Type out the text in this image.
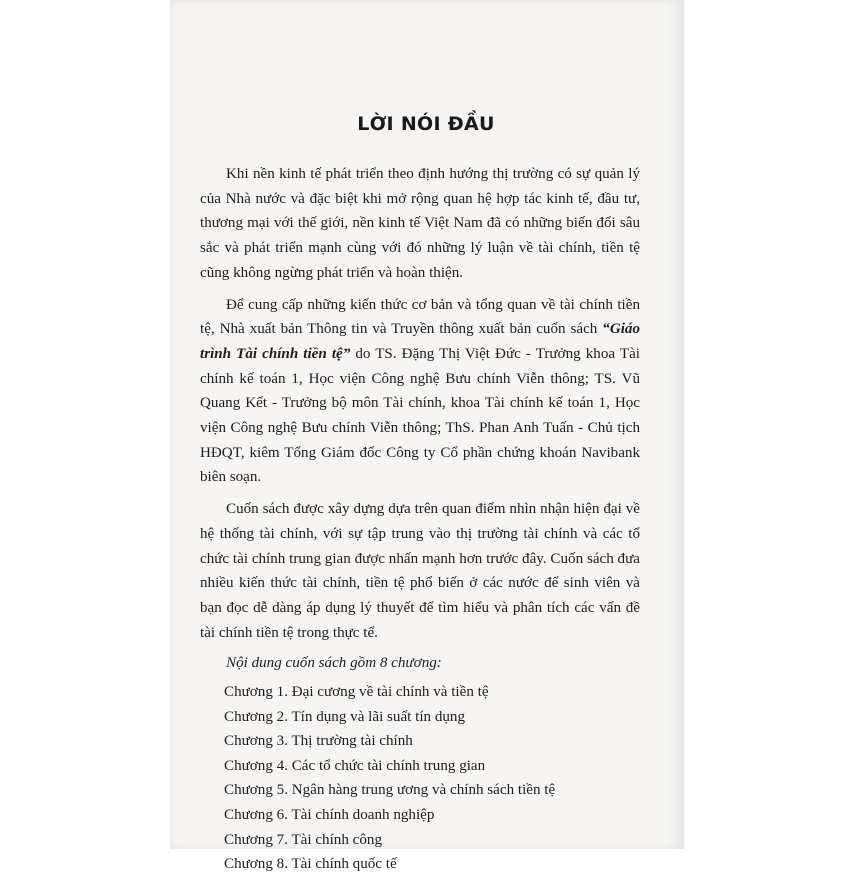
LỜI NÓI ĐẦU

Khi nền kinh tế phát triển theo định hướng thị trường có sự quản lý của Nhà nước và đặc biệt khi mở rộng quan hệ hợp tác kinh tế, đầu tư, thương mại với thế giới, nền kinh tế Việt Nam đã có những biến đổi sâu sắc và phát triển mạnh cùng với đó những lý luận về tài chính, tiền tệ cũng không ngừng phát triển và hoàn thiện.

Để cung cấp những kiến thức cơ bản và tổng quan về tài chính tiền tệ, Nhà xuất bản Thông tin và Truyền thông xuất bản cuốn sách “Giáo trình Tài chính tiền tệ” do TS. Đặng Thị Việt Đức - Trưởng khoa Tài chính kế toán 1, Học viện Công nghệ Bưu chính Viễn thông; TS. Vũ Quang Kết - Trưởng bộ môn Tài chính, khoa Tài chính kế toán 1, Học viện Công nghệ Bưu chính Viễn thông; ThS. Phan Anh Tuấn - Chủ tịch HĐQT, kiêm Tổng Giám đốc Công ty Cổ phần chứng khoán Navibank biên soạn.

Cuốn sách được xây dựng dựa trên quan điểm nhìn nhận hiện đại về hệ thống tài chính, với sự tập trung vào thị trường tài chính và các tổ chức tài chính trung gian được nhấn mạnh hơn trước đây. Cuốn sách đưa nhiều kiến thức tài chính, tiền tệ phổ biến ở các nước để sinh viên và bạn đọc dễ dàng áp dụng lý thuyết để tìm hiểu và phân tích các vấn đề tài chính tiền tệ trong thực tế.

Nội dung cuốn sách gồm 8 chương:

Chương 1. Đại cương về tài chính và tiền tệ
Chương 2. Tín dụng và lãi suất tín dụng
Chương 3. Thị trường tài chính
Chương 4. Các tổ chức tài chính trung gian
Chương 5. Ngân hàng trung ương và chính sách tiền tệ
Chương 6. Tài chính doanh nghiệp
Chương 7. Tài chính công
Chương 8. Tài chính quốc tế
